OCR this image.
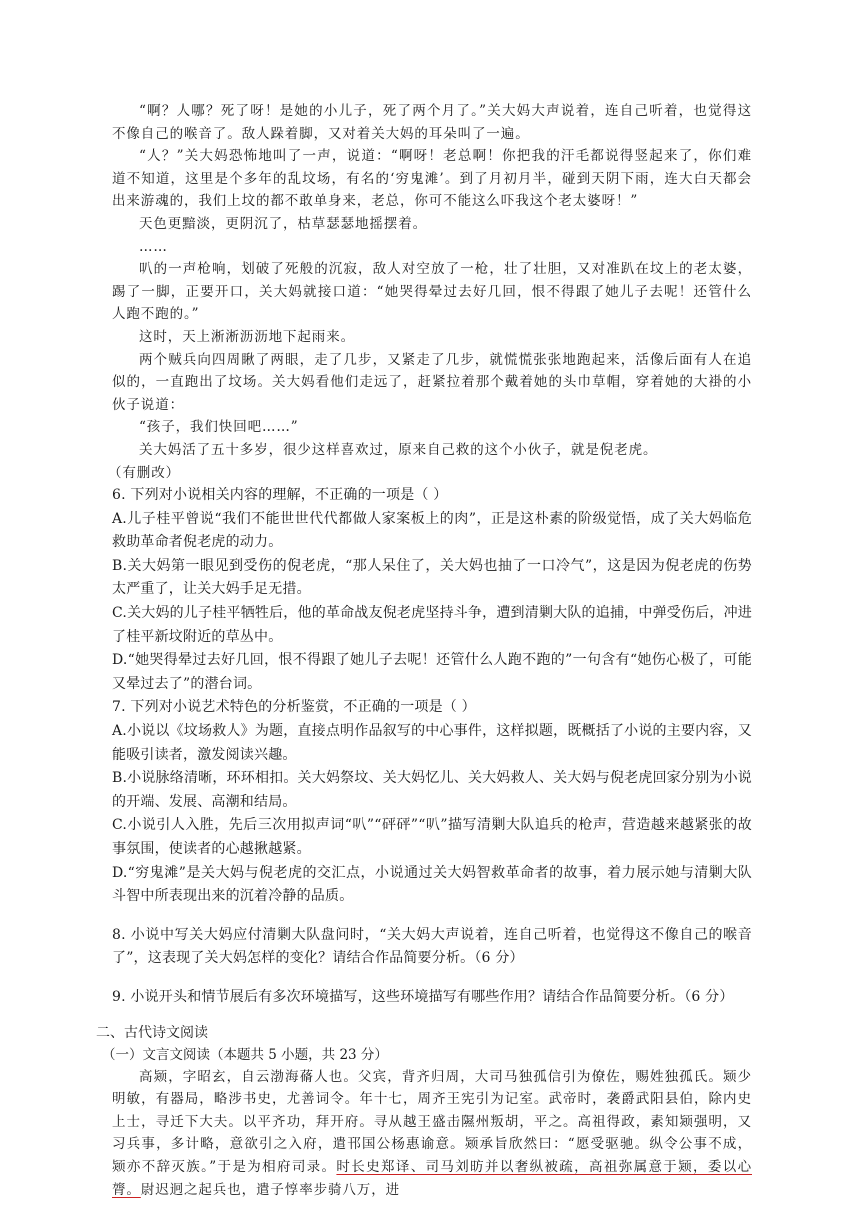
“啊？人哪？死了呀！是她的小儿子，死了两个月了。”关大妈大声说着，连自己听着，也觉得这不像自己的喉音了。敌人跺着脚，又对着关大妈的耳朵叫了一遍。

“人？”关大妈恐怖地叫了一声，说道：“啊呀！老总啊！你把我的汗毛都说得竖起来了，你们难道不知道，这里是个多年的乱坟场，有名的‘穷鬼滩’。到了月初月半，碰到天阴下雨，连大白天都会出来游魂的，我们上坟的都不敢单身来，老总，你可不能这么吓我这个老太婆呀！”

天色更黯淡，更阴沉了，枯草瑟瑟地摇摆着。

……

叭的一声枪响，划破了死般的沉寂，敌人对空放了一枪，壮了壮胆，又对准趴在坟上的老太婆，踢了一脚，正要开口，关大妈就接口道：“她哭得晕过去好几回，恨不得跟了她儿子去呢！还管什么人跑不跑的。”

这时，天上淅淅沥沥地下起雨来。

两个贼兵向四周瞅了两眼，走了几步，又紧走了几步，就慌慌张张地跑起来，活像后面有人在追似的，一直跑出了坟场。关大妈看他们走远了，赶紧拉着那个戴着她的头巾草帽，穿着她的大褂的小伙子说道：

“孩子，我们快回吧……”

关大妈活了五十多岁，很少这样喜欢过，原来自己救的这个小伙子，就是倪老虎。

（有删改）

6. 下列对小说相关内容的理解，不正确的一项是（ ）

A.儿子桂平曾说“我们不能世世代代都做人家案板上的肉”，正是这朴素的阶级觉悟，成了关大妈临危救助革命者倪老虎的动力。

B.关大妈第一眼见到受伤的倪老虎，“那人呆住了，关大妈也抽了一口冷气”，这是因为倪老虎的伤势太严重了，让关大妈手足无措。

C.关大妈的儿子桂平牺牲后，他的革命战友倪老虎坚持斗争，遭到清剿大队的追捕，中弹受伤后，冲进了桂平新坟附近的草丛中。

D.“她哭得晕过去好几回，恨不得跟了她儿子去呢！还管什么人跑不跑的”一句含有“她伤心极了，可能又晕过去了”的潜台词。

7. 下列对小说艺术特色的分析鉴赏，不正确的一项是（ ）

A.小说以《坟场救人》为题，直接点明作品叙写的中心事件，这样拟题，既概括了小说的主要内容，又能吸引读者，激发阅读兴趣。

B.小说脉络清晰，环环相扣。关大妈祭坟、关大妈忆儿、关大妈救人、关大妈与倪老虎回家分别为小说的开端、发展、高潮和结局。

C.小说引人入胜，先后三次用拟声词“叭”“砰砰”“叭”描写清剿大队追兵的枪声，营造越来越紧张的故事氛围，使读者的心越揪越紧。

D.“穷鬼滩”是关大妈与倪老虎的交汇点，小说通过关大妈智救革命者的故事，着力展示她与清剿大队斗智中所表现出来的沉着冷静的品质。

8. 小说中写关大妈应付清剿大队盘问时，“关大妈大声说着，连自己听着，也觉得这不像自己的喉音了”，这表现了关大妈怎样的变化？请结合作品简要分析。（6 分）

9. 小说开头和情节展后有多次环境描写，这些环境描写有哪些作用？请结合作品简要分析。（6 分）

二、古代诗文阅读

（一）文言文阅读（本题共 5 小题，共 23 分）

高颎，字昭玄，自云渤海蓨人也。父宾，背齐归周，大司马独孤信引为僚佐，赐姓独孤氏。颎少明敏，有器局，略涉书史，尤善词令。年十七，周齐王宪引为记室。武帝时，袭爵武阳县伯，除内史上士，寻迁下大夫。以平齐功，拜开府。寻从越王盛击隰州叛胡，平之。高祖得政，素知颎强明，又习兵事，多计略，意欲引之入府，遣邗国公杨惠谕意。颎承旨欣然曰：“愿受驱驰。纵令公事不成，颎亦不辞灭族。”于是为相府司录。时长史郑译、司马刘昉并以奢纵被疏，高祖弥属意于颎，委以心膂。尉迟迥之起兵也，遣子惇率步骑八万，进
